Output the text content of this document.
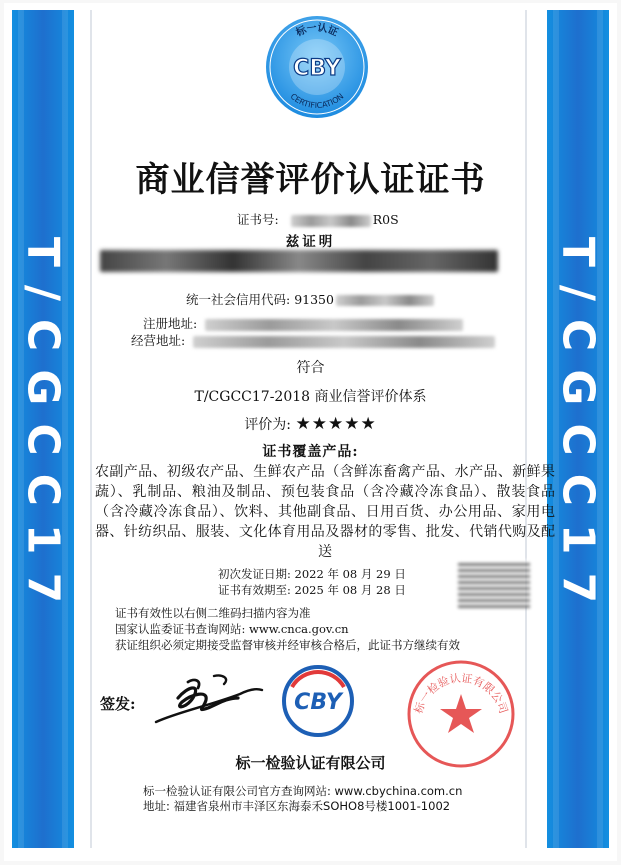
T/CGCC17	T/CGCC17
标一认证
CBY
CERTIFICATION
商业信誉评价认证证书
证书号:	R0S
兹证明
统一社会信用代码: 91350
注册地址:
经营地址:
符合
T/CGCC17-2018 商业信誉评价体系
评价为: ★★★★★
证书覆盖产品:
农副产品、初级农产品、生鲜农产品（含鲜冻畜禽产品、水产品、新鲜果蔬）、乳制品、粮油及制品、预包装食品（含冷藏冷冻食品）、散装食品（含冷藏冷冻食品）、饮料、其他副食品、日用百货、办公用品、家用电器、针纺织品、服装、文化体育用品及器材的零售、批发、代销代购及配送
初次发证日期: 2022 年 08 月 29 日
证书有效期至: 2025 年 08 月 28 日
证书有效性以右侧二维码扫描内容为准
国家认监委证书查询网站: www.cnca.gov.cn
获证组织必须定期接受监督审核并经审核合格后，此证书方继续有效
签发:	CBY	标一检验认证有限公司
标一检验认证有限公司
标一检验认证有限公司官方查询网站: www.cbychina.com.cn
地址: 福建省泉州市丰泽区东海泰禾SOHO8号楼1001-1002
